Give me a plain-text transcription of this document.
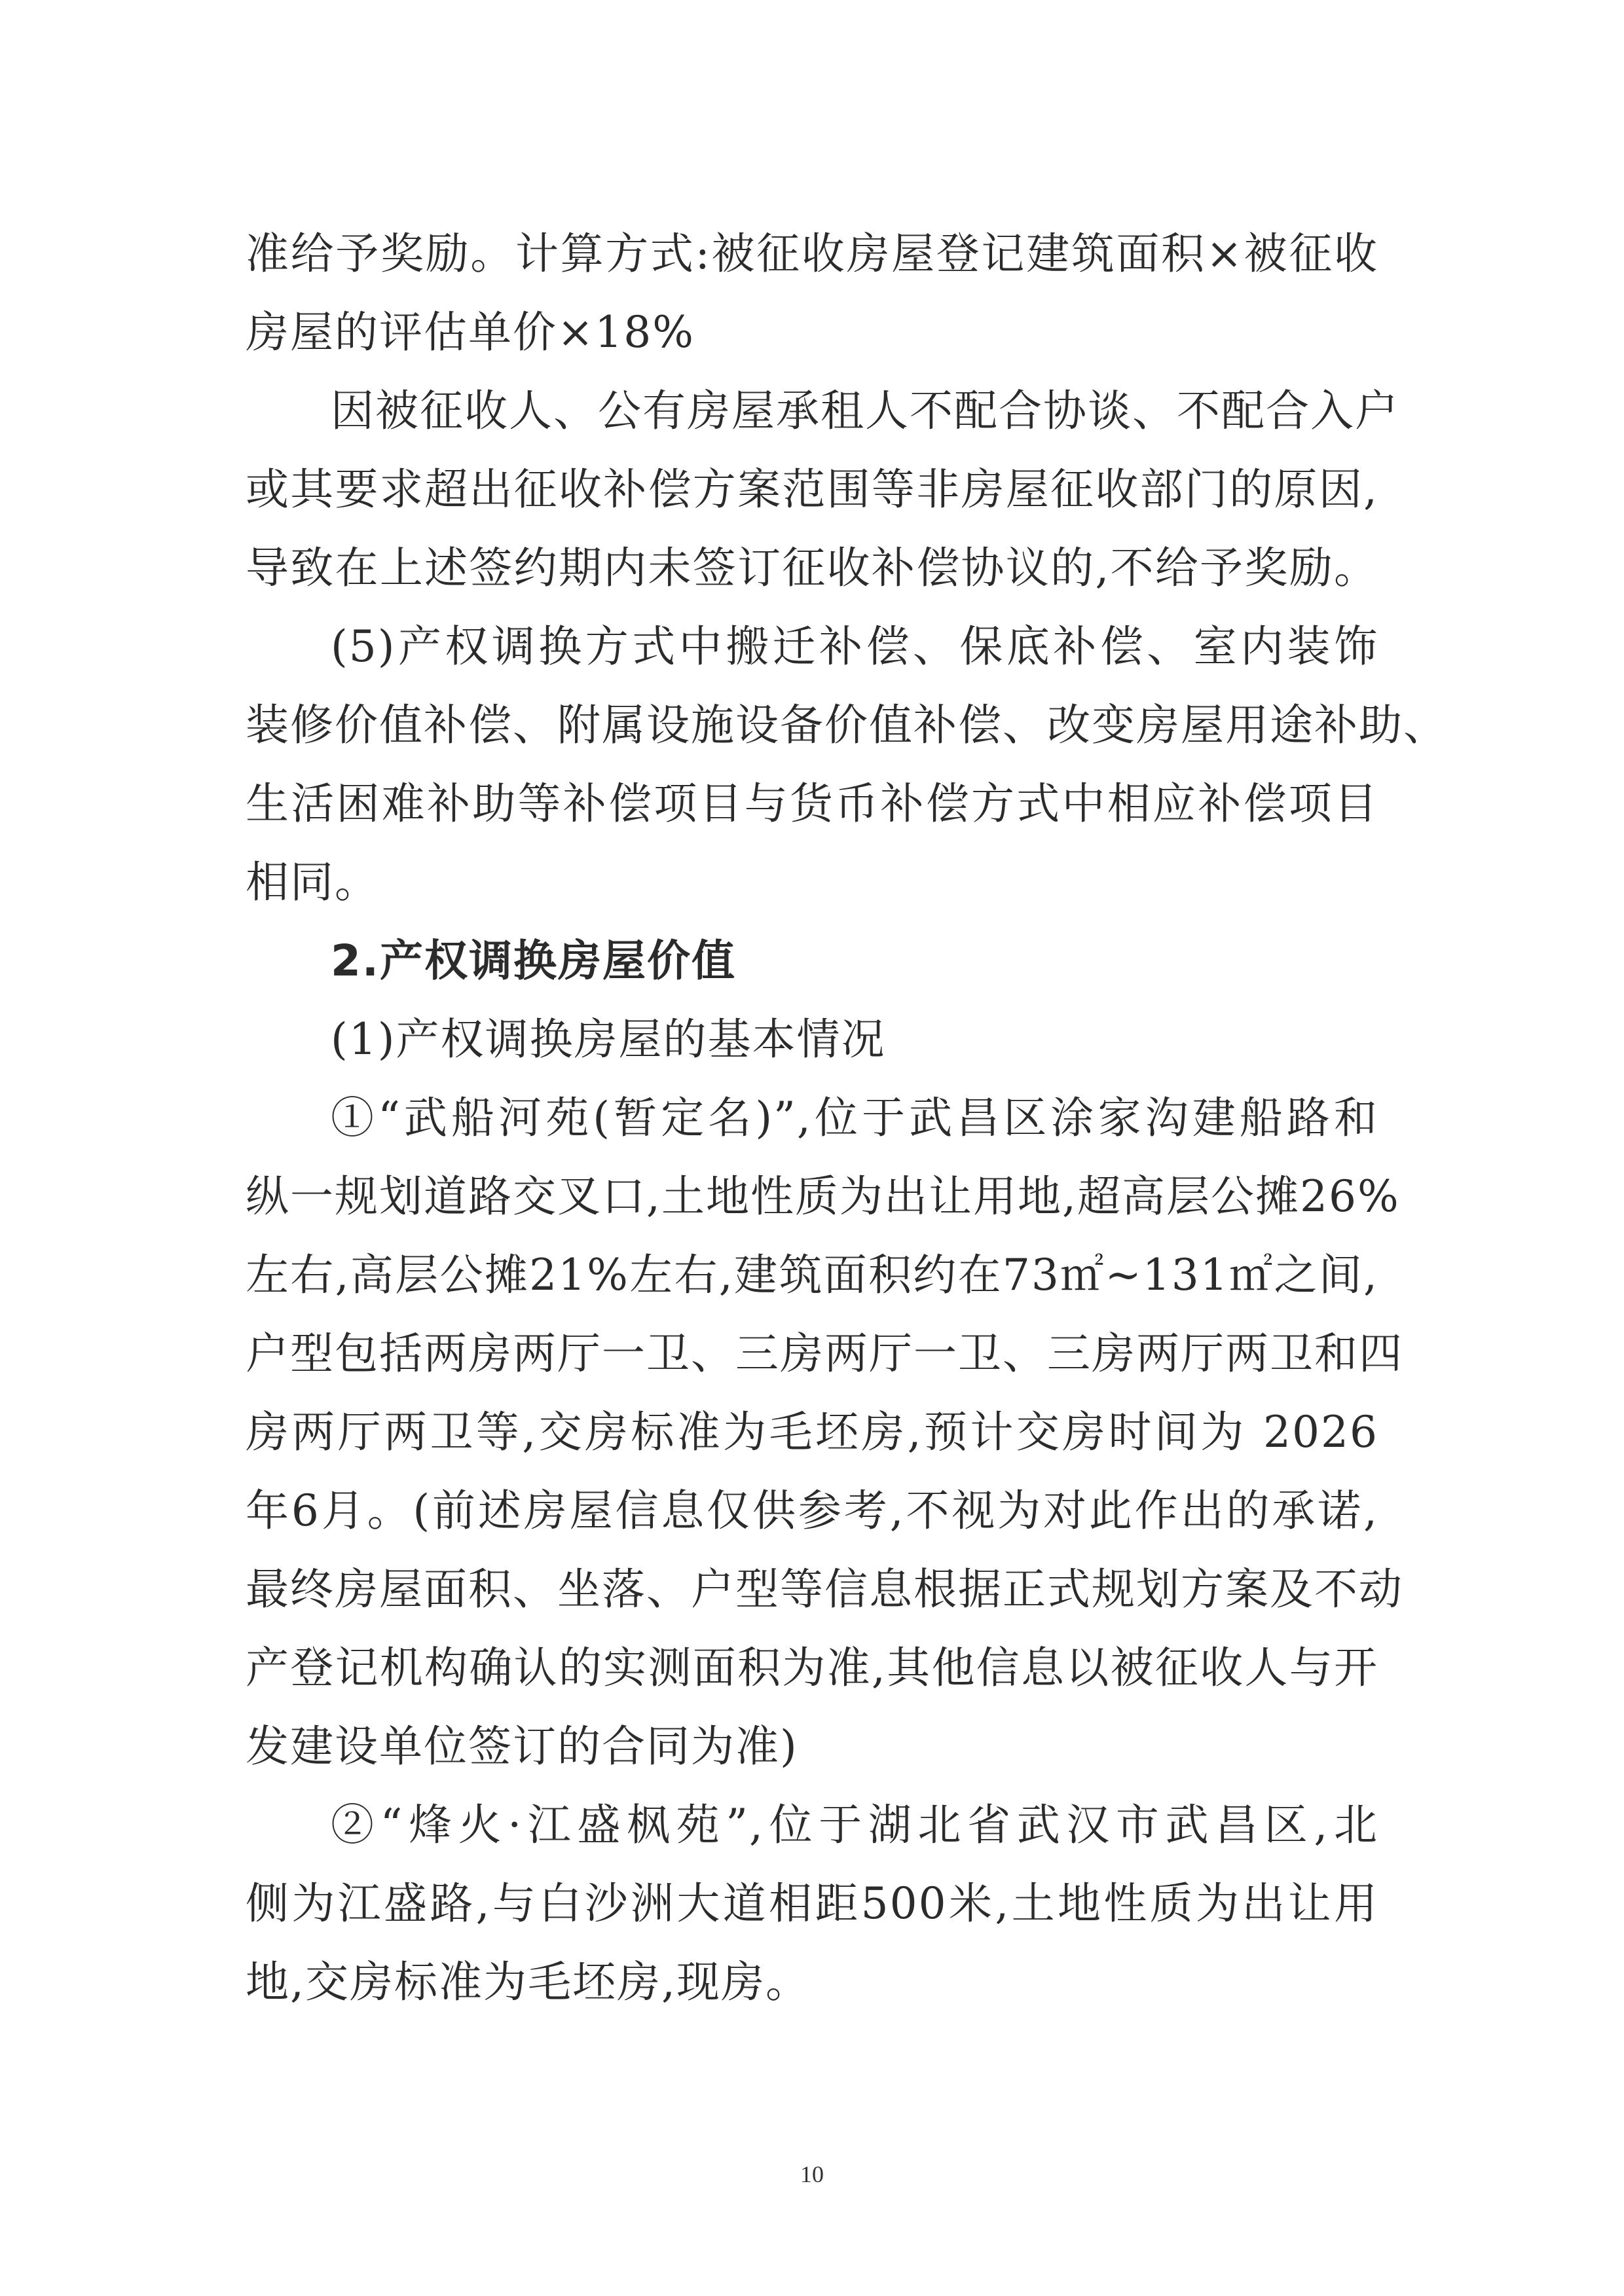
准给予奖励。计算方式:被征收房屋登记建筑面积×被征收
房屋的评估单价×18%
因被征收人、公有房屋承租人不配合协谈、不配合入户
或其要求超出征收补偿方案范围等非房屋征收部门的原因,
导致在上述签约期内未签订征收补偿协议的,不给予奖励。
(5)产权调换方式中搬迁补偿、保底补偿、室内装饰
装修价值补偿、附属设施设备价值补偿、改变房屋用途补助、
生活困难补助等补偿项目与货币补偿方式中相应补偿项目
相同。
2.产权调换房屋价值
(1)产权调换房屋的基本情况
①“武船河苑(暂定名)”,位于武昌区涂家沟建船路和
纵一规划道路交叉口,土地性质为出让用地,超高层公摊26%
左右,高层公摊21%左右,建筑面积约在73㎡~131㎡之间,
户型包括两房两厅一卫、三房两厅一卫、三房两厅两卫和四
房两厅两卫等,交房标准为毛坯房,预计交房时间为 2026
年6月。(前述房屋信息仅供参考,不视为对此作出的承诺,
最终房屋面积、坐落、户型等信息根据正式规划方案及不动
产登记机构确认的实测面积为准,其他信息以被征收人与开
发建设单位签订的合同为准)
②“烽火·江盛枫苑”,位于湖北省武汉市武昌区,北
侧为江盛路,与白沙洲大道相距500米,土地性质为出让用
地,交房标准为毛坯房,现房。
10
